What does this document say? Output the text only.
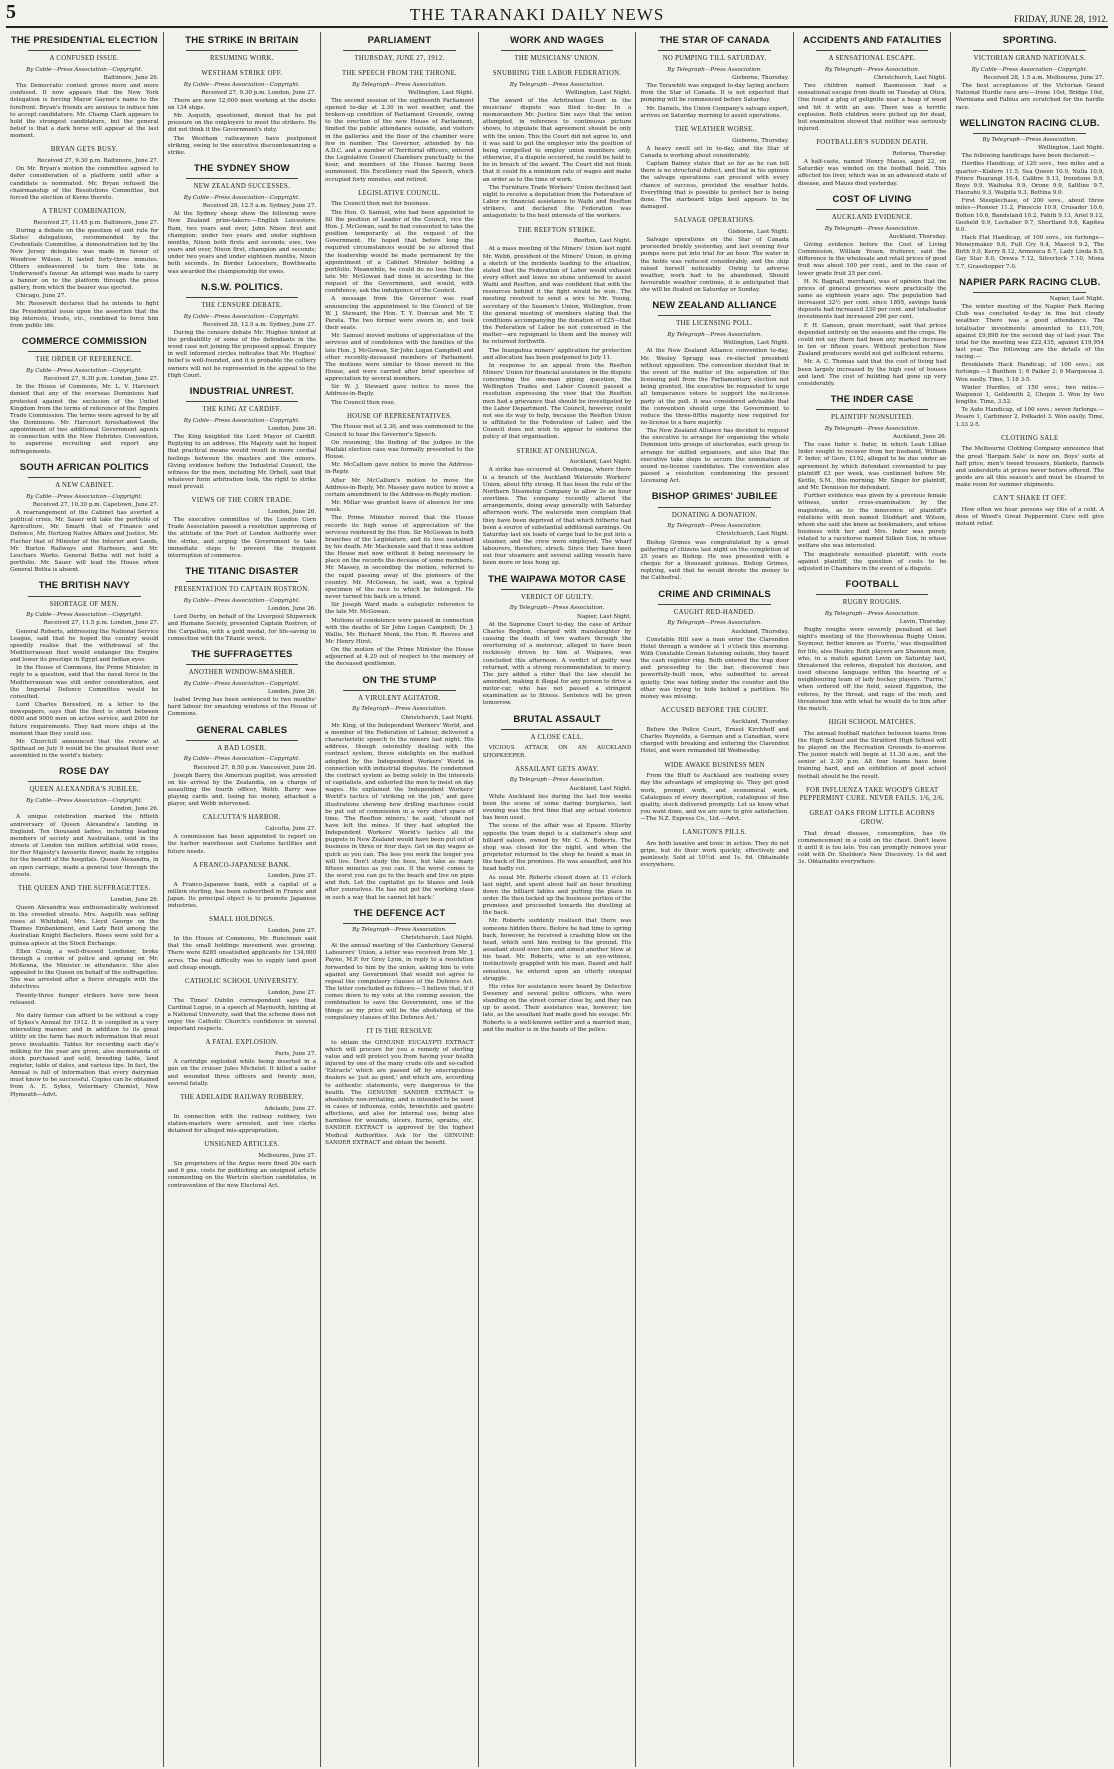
5	THE TARANAKI DAILY NEWS	FRIDAY, JUNE 28, 1912.
THE PRESIDENTIAL ELECTION
A CONFUSED ISSUE.
By Cable—Press Association—Copyright.
Baltimore, June 26.

The Democratic contest grows more and more confused. It now appears that the New York delegation is forcing Mayor Gaynor's name to the forefront. Bryan's friends are anxious to induce him to accept candidature. Mr. Champ Clark appears to hold the strongest candidature, but the general belief is that a dark horse will appear at the last moment.

BRYAN GETS BUSY.
Received 27, 9.30 p.m. Baltimore, June 27.

On Mr. Bryan's motion the committee agreed to defer consideration of a platform until after a candidate is nominated. Mr. Bryan refused the chairmanship of the Resolutions Committee, but forced the election of Kerns thereto.

A TRUST COMBINATION.
Received 27, 11.45 p.m. Baltimore, June 27.

During a debate on the question of unit rule for States' delegations, recommended by the Credentials Committee, a demonstration led by the New Jersey delegates was made in favour of Woodrow Wilson. It lasted forty-three minutes. Others endeavoured to turn the tide in Underwood's favour. An attempt was made to carry a banner on to the platform through the press gallery, from which the bearer was ejected.

Chicago, June 27.

Mr. Roosevelt declares that he intends to fight the Presidential issue upon the assertion that the big interests, trusts, etc., combined to force him from public life.

COMMERCE COMMISSION
THE ORDER OF REFERENCE.
By Cable—Press Association—Copyright.
Received 27, 9.30 p.m. London, June 27.

In the House of Commons, Mr. L. V. Harcourt denied that any of the overseas Dominions had protested against the exclusion of the United Kingdom from the terms of reference of the Empire Trade Commission. The terms were agreed to by all the Dominions. Mr. Harcourt foreshadowed the appointment of two additional Government agents in connection with the New Hebrides Convention, to supervise recruiting and report any infringements.

SOUTH AFRICAN POLITICS
A NEW CABINET.
By Cable—Press Association—Copyright.
Received 27, 10.30 p.m. Capetown, June 27.

A rearrangement of the Cabinet has averted a political crisis. Mr. Sauer will take the portfolio of Agriculture, Mr. Smartt that of Finance and Defence, Mr. Hertzog Native Affairs and Justice, Mr. Fischer that of Minister of the Interior and Lands, Mr. Burton Railways and Harbours, and Mr. Leuchars Works. General Botha will not hold a portfolio. Mr. Sauer will lead the House when General Botha is absent.

THE BRITISH NAVY
SHORTAGE OF MEN.
By Cable—Press Association—Copyright.
Received 27, 11.5 p.m. London, June 27.

General Roberts, addressing the National Service League, said that he hoped the country would speedily realise that the withdrawal of the Mediterranean fleet would endanger the Empire and lower its prestige in Egypt and Indian eyes.

In the House of Commons, the Prime Minister, in reply to a question, said that the naval force in the Mediterranean was still under consideration, and the Imperial Defence Committee would be consulted.

Lord Charles Beresford, in a letter to the newspapers, says that the fleet is short between 6000 and 9000 men on active service, and 2000 for future requirements. They had more ships at the moment than they could use.

Mr. Churchill announced that the review at Spithead on July 9 would be the greatest fleet ever assembled in the world's history.

ROSE DAY
QUEEN ALEXANDRA'S JUBILEE.
By Cable—Press Association—Copyright.
London, June 26.

A unique celebration marked the fiftieth anniversary of Queen Alexandra's landing in England. Ten thousand ladies, including leading members of society and Australians, sold in the streets of London ten million artificial wild roses, for Her Majesty's favourite flower, made by cripples for the benefit of the hospitals. Queen Alexandra, in an open carriage, made a general tour through the streets.

THE QUEEN AND THE SUFFRAGETTES.
London, June 26.

Queen Alexandra was enthusiastically welcomed in the crowded streets. Mrs. Asquith was selling roses at Whitehall, Mrs. Lloyd George on the Thames Embankment, and Lady Reid among the Australian Knight Bachelors. Roses were sold for a guinea apiece at the Stock Exchange.

Ellen Craig, a well-dressed Londoner, broke through a cordon of police and sprang on Mr. McKenna, the Minister in attendance. She also appealed to the Queen on behalf of the suffragettes. She was arrested after a fierce struggle with the detectives.

Twenty-three hunger strikers have now been released.

No dairy farmer can afford to be without a copy of Sykes's Annual for 1912. It is compiled in a very interesting manner, and in addition to its great utility on the farm has much information that must prove invaluable. Tables for recording each day's milking for the year are given, also memoranda of stock purchased and sold, breeding table, land register, table of dates, and various tips. In fact, the Annual is full of information that every dairyman must know to be successful. Copies can be obtained from A. E. Sykes, Veterinary Chemist, New Plymouth—Advt.

THE STRIKE IN BRITAIN
RESUMING WORK.
WESTHAM STRIKE OFF.
By Cable—Press Association—Copyright.
Received 27, 9.30 p.m. London, June 27.

There are now 12,000 men working at the docks on 134 ships.

Mr. Asquith, questioned, denied that he put pressure on the employers to meet the strikers. He did not think it the Government's duty.

The Westham railwaymen have postponed striking, owing to the executive discountenancing a strike.

THE SYDNEY SHOW
NEW ZEALAND SUCCESSES.
By Cable—Press Association—Copyright.
Received 28, 12.5 a.m. Sydney, June 27.

At the Sydney sheep show the following were New Zealand prize-takers:—English Leicesters: Ram, two years and over, John Nixon first and champion; under two years and under eighteen months, Nixon both firsts and seconds; ewe, two years and over, Nixon first, champion and seconds; under two years and under eighteen months, Nixon both seconds. In Border Leicesters, Bowthwaite was awarded the championship for ewes.

N.S.W. POLITICS.
THE CENSURE DEBATE.
By Cable—Press Association—Copyright.
Received 28, 12.5 a.m. Sydney, June 27.

During the censure debate Mr. Hughes hinted at the probability of some of the defendants in the wood case not joining the proposed appeal. Enquiry in well informed circles indicates that Mr. Hughes' belief is well-founded, and it is probable the colliery owners will not be represented in the appeal to the High Court.

INDUSTRIAL UNREST.
THE KING AT CARDIFF.
By Cable—Press Association—Copyright.
London, June 26.

The King knighted the Lord Mayor of Cardiff. Replying to an address, His Majesty said he hoped that practical means would result in more cordial feelings between the masters and the miners. Giving evidence before the Industrial Council, the witness for the men, including Mr. Orbell, said that whatever form arbitration took, the right to strike must prevail.

VIEWS OF THE CORN TRADE.
London, June 26.

The executive committee of the London Corn Trade Association passed a resolution approving of the attitude of the Port of London Authority over the strike, and urging the Government to take immediate steps to prevent the frequent interruption of commerce.

THE TITANIC DISASTER
PRESENTATION TO CAPTAIN ROSTRON.
By Cable—Press Association—Copyright.
London, June 26.

Lord Derby, on behalf of the Liverpool Shipwreck and Humane Society, presented Captain Rostron, of the Carpathia, with a gold medal, for life-saving in connection with the Titanic wreck.

THE SUFFRAGETTES
ANOTHER WINDOW-SMASHER.
By Cable—Press Association—Copyright.
London, June 26.

Isabel Irving has been sentenced to two months' hard labour for smashing windows of the House of Commons.

GENERAL CABLES
A BAD LOSER.
By Cable—Press Association—Copyright.
Received 27, 8.50 p.m. Vancouver, June 26.

Joseph Barry, the American pugilist, was arrested on his arrival by the Zealandia, on a charge of assaulting the fourth officer, Webb. Barry was playing cards and, losing his money, attacked a player, and Webb intervened.

CALCUTTA'S HARBOR.
Calcutta, June 27.

A commission has been appointed to report on the harbor warehouse and Customs facilities and future needs.

A FRANCO-JAPANESE BANK.
London, June 27.

A Franco-Japanese bank, with a capital of a million sterling, has been subscribed in France and Japan. Its principal object is to promote Japanese industries.

SMALL HOLDINGS.
London, June 27.

In the House of Commons, Mr. Runciman said that the small holdings movement was growing. There were 8285 unsatisfied applicants for 134,000 acres. The real difficulty was to supply land good and cheap enough.

CATHOLIC SCHOOL UNIVERSITY.
London, June 27.

The Times' Dublin correspondent says that Cardinal Logue, in a speech at Maynooth, hinting at a National University, said that the scheme does not enjoy the Catholic Church's confidence in several important respects.

A FATAL EXPLOSION.
Paris, June 27.

A cartridge exploded while being inserted in a gun on the cruiser Jules Michelet. It killed a sailor and wounded three officers and twenty men, several fatally.

THE ADELAIDE RAILWAY ROBBERY.
Adelaide, June 27.

In connection with the railway robbery, two station-masters were arrested, and two clerks detained for alleged mis-appropriation.

UNSIGNED ARTICLES.
Melbourne, June 27.

Six proprietors of the Argus were fined 20s each and 6 gns. costs for publishing an unsigned article commenting on the Wertcin election candidates, in contravention of the new Electoral Act.

PARLIAMENT
THURSDAY, JUNE 27, 1912.
THE SPEECH FROM THE THRONE.
By Telegraph—Press Association.
Wellington, Last Night.

The second session of the eighteenth Parliament opened to-day at 2.30 in wet weather, and the broken-up condition of Parliament Grounds, owing to the erection of the new House of Parliament, limited the public attendance outside, and visitors in the galleries and the floor of the chamber were few in number. The Governor, attended by his A.D.C. and a number of Territorial officers, entered the Legislative Council Chambers punctually to the hour, and members of the House having been summoned, His Excellency read the Speech, which occupied forty minutes, and retired.

LEGISLATIVE COUNCIL.

The Council then met for business.

The Hon. O. Samuel, who had been appointed to fill the position of Leader of the Council, vice the Hon. J. McGowan, said he had consented to take the position temporarily at the request of the Government. He hoped that before long the required circumstances would be so altered that the leadership would be made permanent by the appointment of a Cabinet Minister holding a portfolio. Meanwhile, he could do no less than the late Mr. McGowan had done in according to the request of the Government, and would, with confidence, ask the indulgence of the Council.

A message from the Governor was read announcing the appointment to the Council of Sir W. J. Steward, the Hon. T. Y. Duncan and Mr. T. Parata. The two former were sworn in, and took their seats.

Mr. Samuel moved motions of appreciation of the services and of condolence with the families of the late Hon. J. McGowan, Sir John Logan Campbell and other recently-deceased members of Parliament. The motions were similar to those moved in the House, and were carried after brief speeches of appreciation by several members.

Sir W. J. Steward gave notice to move the Address-in-Reply.

The Council then rose.

HOUSE OF REPRESENTATIVES.

The House met at 2.30, and was summoned to the Council to hear the Governor's Speech.

On resuming, the finding of the judges in the Waitaki election case was formally presented to the House.

Mr. McCallum gave notice to move the Address-in-Reply.

After Mr. McCallum's motion to move the Address-in-Reply, Mr. Massey gave notice to move a certain amendment to the Address-in-Reply motion.

Mr. Millar was granted leave of absence for one week.

The Prime Minister moved that the House records its high sense of appreciation of the services rendered by the Hon. Sir McGowan in both branches of the Legislature, and its loss sustained by his death. Mr. Mackenzie said that it was seldom the House met now without it being necessary to place on the records the decease of some members. Mr. Massey, in seconding the motion, referred to the rapid passing away of the pioneers of the country. Mr. McGowan, he said, was a typical specimen of the race to which he belonged. He never turned his back on a friend.

Sir Joseph Ward made a eulogistic reference to the late Mr. McGowan.

Motions of condolence were passed in connection with the deaths of Sir John Logan Campbell, Dr. J. Wallis, Mr. Richard Monk, the Hon. R. Reeves and Mr. Henry Hirst.

On the motion of the Prime Minister the House adjourned at 4.20 out of respect to the memory of the deceased gentlemen.

ON THE STUMP
A VIRULENT AGITATOR.
By Telegraph—Press Association.
Christchurch, Last Night.

Mr. King, of the Independent Workers' World, and a member of the Federation of Labour, delivered a characteristic speech to the miners last night. His address, though ostensibly dealing with the contract system, threw sidelights on the method adopted by the Independent Workers' World in connection with industrial disputes. He condemned the contract system as being solely in the interests of capitalists, and exhorted the men to insist on day wages. He explained the Independent Workers' World's tactics of 'striking on the job,' and gave illustrations showing how drilling machines could be put out of commission in a very short space of time. 'The Reefton miners,' he said, 'should not have left the mines. If they had adopted the Independent Workers' World's tactics all the puppets in New Zealand would have been put out of business in three or four days. Get on day wages as quick as you can. The less you work the longer you will live. Don't study the boss, but take as many fifteen minutes as you can. If the worst comes to the worst you can go to the beach and live on pipis and fish. Let the capitalist go to blazes and look after yourselves. He has not got the working class in such a way that he cannot hit back.'

THE DEFENCE ACT
By Telegraph—Press Association.
Christchurch, Last Night.

At the annual meeting of the Canterbury General Labourers' Union, a letter was received from Mr. J. Payne, M.P. for Grey Lynn, in reply to a resolution forwarded to him by the union, asking him to vote against any Government that would not agree to repeal the compulsory clauses of the Defence Act. The letter concluded as follows:—'I believe that, if it comes down to my vote at the coming session, the combination to save the Government, one of the things as my price will be the abolishing of the compulsory clauses of the Defence Act.'

IT IS THE RESOLVE

to obtain the GENUINE EUCALYPTI EXTRACT which will procure for you a remedy of sterling value and will protect you from having your health injured by one of the many crude oils and so-called 'Extracts' which are passed off by unscrupulous dealers as 'just as good,' and which are, according to authentic statements, very dangerous to the health. The GENUINE SANDER EXTRACT is absolutely non-irritating, and is intended to be used in cases of influenza, colds, bronchitis and gastric affections, and also for internal use, being also harmless for wounds, ulcers, burns, sprains, etc. SANDER EXTRACT is approved by the highest Medical Authorities. Ask for the GENUINE SANDER EXTRACT and obtain the benefit.

WORK AND WAGES
THE MUSICIANS' UNION.
SNUBBING THE LABOR FEDERATION.
By Telegraph—Press Association.
Wellington, Last Night.

The award of the Arbitration Court in the musicians' dispute was filed to-day. In a memorandum Mr. Justice Sim says that the union attempted, in reference to continuous picture shows, to stipulate that agreement should be only with the union. This the Court did not agree to, and it was said to put the employer into the position of being compelled to employ union members only, otherwise, if a dispute occurred, he could be held to be in breach of the award. The Court did not think that it could fix a minimum rate of wages and make an order as to the time of work.

The Furniture Trade Workers' Union declined last night to receive a deputation from the Federation of Labor re financial assistance to Waihi and Reefton strikers, and declared the Federation was antagonistic to the best interests of the workers.

THE REEFTON STRIKE.
Reefton, Last Night.

At a mass meeting of the Miners' Union last night Mr. Webb, president of the Miners' Union, in giving a sketch of the incidents leading to the situation, stated that the Federation of Labor would exhaust every effort and leave no stone unturned to assist Waihi and Reefton, and was confident that with the resources behind it the fight would be won. The meeting resolved to send a wire to Mr. Young, secretary of the Seamen's Union, Wellington, from the general meeting of members stating that the conditions accompanying the donation of £25—that the Federation of Labor be not concerned in the matter—are repugnant to them and the money will be returned forthwith.

The Inangahua miners' application for protection and allocation has been postponed to July 11.

In response to an appeal from the Reefton Miners' Union for financial assistance in the dispute concerning the one-man piping question, the Wellington Trades and Labor Council passed a resolution expressing the view that the Reefton men had a grievance that should be investigated by the Labor Department. The Council, however, could not see its way to help, because the Reefton Union is affiliated to the Federation of Labor, and the Council does not wish to appear to endorse the policy of that organisation.

STRIKE AT ONEHUNGA.
Auckland, Last Night.

A strike has occurred at Onehunga, where there is a branch of the Auckland Waterside Workers' Union, about fifty strong. It has been the rule of the Northern Steamship Company to allow 2s an hour overtime. The company recently altered the arrangements, doing away generally with Saturday afternoon work. The waterside men complain that they have been deprived of that which hitherto had been a source of substantial additional earnings. On Saturday last six loads of cargo had to be put into a steamer, and the crew were employed. The wharf labourers, therefore, struck. Since they have been out four steamers and several sailing vessels have been more or less hung up.

THE WAIPAWA MOTOR CASE
VERDICT OF GUILTY.
By Telegraph—Press Association.
Napier, Last Night.

At the Supreme Court to-day, the case of Arthur Charles Bogdon, charged with manslaughter by causing the death of two waiters through the overturning of a motorcar, alleged to have been recklessly driven by him at Waipawa, was concluded this afternoon. A verdict of guilty was returned, with a strong recommendation to mercy. The jury added a rider that the law should be amended, making it illegal for any person to drive a motor-car, who has not passed a stringent examination as to fitness. Sentence will be given tomorrow.

BRUTAL ASSAULT
A CLOSE CALL.

VICIOUS ATTACK ON AN AUCKLAND SHOPKEEPER.

ASSAILANT GETS AWAY.
By Telegraph—Press Association.
Auckland, Last Night.

While Auckland lies during the last few weeks been the scene of some daring burglaries, last evening was the first time that any actual violence has been used.

The scene of the affair was at Epsom. Ellerby opposite the tram depot is a stationer's shop and billiard saloon, owned by Mr. C. A. Roberts. The shop was closed for the night, and when the proprietor returned to the shop he found a man in the back of the premises. He was assaulted, and his head badly cut.

As usual Mr. Roberts closed down at 11 o'clock last night, and spent about half an hour brushing down the billiard tables and putting the place in order. He then locked up the business portion of the premises and proceeded towards the dwelling at the back.

Mr. Roberts suddenly realised that there was someone hidden there. Before he had time to spring back, however, he received a crashing blow on the head, which sent him reeling to the ground. His assailant stood over him and aimed another blow at his head. Mr. Roberts, who is an eye-witness, instinctively grappled with his man. Dazed and half senseless, he entered upon an utterly unequal struggle.

His cries for assistance were heard by Detective Sweeney and several police officers, who were standing on the street corner close by, and they ran up to assist. Their assistance was, however, too late, as the assailant had made good his escape. Mr. Roberts is a well-known settler and a married man, and the matter is in the hands of the police.

THE STAR OF CANADA
NO PUMPING TILL SATURDAY.
By Telegraph—Press Association.
Gisborne, Thursday.

The Terawhiti was engaged to-day laying anchors from the Star of Canada. It is not expected that pumping will be commenced before Saturday.

Mr. Daniels, the Union Company's salvage expert, arrives on Saturday morning to assist operations.

THE WEATHER WORSE.
Gisborne, Thursday.

A heavy swell set in to-day, and the Star of Canada is working about considerably.

Captain Bainey states that so far as he can tell there is no structural defect, and that in his opinion the salvage operations can proceed with every chance of success, provided the weather holds. Everything that is possible to protect her is being done. The starboard bilge keel appears to be damaged.

SALVAGE OPERATIONS.
Gisborne, Last Night.

Salvage operations on the Star of Canada proceeded briskly yesterday, and last evening four pumps were put into trial for an hour. The water in the holds was reduced considerably, and the ship raised herself noticeably. Owing to adverse weather, work had to be abandoned. Should favourable weather continue, it is anticipated that she will be floated on Saturday or Sunday.

NEW ZEALAND ALLIANCE
THE LICENSING POLL.
By Telegraph—Press Association.
Wellington, Last Night.

At the New Zealand Alliance convention to-day, Mr. Wesley Spragg was re-elected president without opposition. The convention decided that in the event of the matter of the separation of the licensing poll from the Parliamentary election not being granted, the executive be requested to urge all temperance voters to support the no-license party at the poll. It was considered advisable that the convention should urge the Government to reduce the three-fifths majority now required for no-license to a bare majority.

The New Zealand Alliance has decided to request the executive to arrange for organising the whole Dominion into groups of electorates, each group to arrange for skilled organisers, and also that the executive take steps to secure the nomination of sound no-license candidates. The convention also passed a resolution condemning the present Licensing Act.

BISHOP GRIMES' JUBILEE
DONATING A DONATION.
By Telegraph—Press Association.
Christchurch, Last Night.

Bishop Grimes was congratulated by a great gathering of citizens last night on the completion of 25 years as Bishop. He was presented with a cheque for a thousand guineas. Bishop Grimes, replying, said that he would devote the money to the Cathedral.

CRIME AND CRIMINALS
CAUGHT RED-HANDED.
By Telegraph—Press Association.
Auckland, Thursday.

Constable Hill saw a man enter the Clarendon Hotel through a window at 1 o'clock this morning. With Constable Cowan listening outside, they heard the cash register ring. Both entered the trap door and proceeding to the bar, discovered two powerfully-built men, who submitted to arrest quietly. One was hiding under the counter and the other was trying to hide behind a partition. No money was missing.

ACCUSED BEFORE THE COURT.
Auckland, Thursday.

Before the Police Court, Ernest Kirchhoff and Charles Reynolds, a German and a Canadian, were charged with breaking and entering the Clarendon Hotel, and were remanded till Wednesday.

WIDE AWAKE BUSINESS MEN

From the Bluff to Auckland are realising every day the advantage of employing us. They get good work, prompt work, and economical work. Catalogues of every description, catalogues of fine quality, stock delivered promptly. Let us know what you want done, and we are sure to give satisfaction. —The N.Z. Express Co., Ltd.—Advt.

LANGTON'S PILLS.

Are both laxative and tonic in action. They do not gripe, but do their work quickly, effectively and painlessly. Sold at 10½d. and 1s. 6d. Obtainable everywhere.

ACCIDENTS AND FATALITIES
A SENSATIONAL ESCAPE.
By Telegraph—Press Association.
Christchurch, Last Night.

Two children named Rasmussen had a sensational escape from death on Tuesday at Otira. One found a plug of gelignite near a heap of wood and hit it with an axe. There was a terrific explosion. Both children were picked up for dead, but examination showed that neither was seriously injured.

FOOTBALLER'S SUDDEN DEATH.
Rotorua, Thursday.

A half-caste, named Henry Mauss, aged 22, on Saturday was winded on the football field. This affected his liver, which was in an advanced state of disease, and Mauss died yesterday.

COST OF LIVING
AUCKLAND EVIDENCE.
By Telegraph—Press Association.
Auckland, Thursday.

Giving evidence before the Cost of Living Commission, William Youen, fruiterer, said the difference in the wholesale and retail prices of good fruit was about 100 per cent., and in the case of lower grade fruit 25 per cent.

H. N. Bagnall, merchant, was of opinion that the prices of general groceries were practically the same as eighteen years ago. The population had increased 32½ per cent. since 1895, savings bank deposits had increased 230 per cent. and totalisator investments had increased 296 per cent.

F. H. Ganson, grain merchant, said that prices depended entirely on the seasons and the crops. He could not say there had been any marked increase in ten or fifteen years. Without protection New Zealand producers would not get sufficient returns.

Mr. A. C. Thomas said that the cost of living had been largely increased by the high cost of houses and land. The cost of building had gone up very considerably.

THE INDER CASE
PLAINTIFF NONSUITED.
By Telegraph—Press Association.
Auckland, June 26.

The case Inder v. Inder, in which Leah Lillian Inder sought to recover from her husband, William F. Inder, of Gore, £192, alleged to be due under an agreement by which defendant covenanted to pay plaintiff £3 per week, was continued before Mr. Kettle, S.M., this morning. Mr. Singer for plaintiff, and Mr. Dennison for defendant.

Further evidence was given by a previous female witness, under cross-examination by the magistrate, as to the innocence of plaintiff's relations with men named Stoddart and Wilson, whom she said she knew as bookmakers, and whose business with her and Mrs. Inder was purely related to a racehorse named Silken Sun, in whose welfare she was interested.

The magistrate nonsuited plaintiff, with costs against plaintiff, the question of costs to be adjusted in Chambers in the event of a dispute.

FOOTBALL
RUGBY ROUGHS.
By Telegraph—Press Association.
Levin, Thursday.

Rugby roughs were severely penalised at last night's meeting of the Horowhenua Rugby Union. Seymour, better known as 'Furrie,' was disqualified for life, also Healey. Both players are Shannon men, who, in a match against Levin on Saturday last, threatened the referee, disputed his decision, and used obscene language within the hearing of a neighbouring team of lady hockey players. 'Furrie,' when ordered off the field, seized Egginton, the referee, by the throat, and rage of the mob, and threatened him with what he would do to him after the match.

HIGH SCHOOL MATCHES.

The annual football matches between teams from the High School and the Stratford High School will be played on the Recreation Grounds to-morrow. The junior match will begin at 11.30 a.m., and the senior at 2.30 p.m. All four teams have been training hard, and an exhibition of good school football should be the result.

FOR INFLUENZA TAKE WOOD'S GREAT PEPPERMINT CURE. NEVER FAILS. 1/6, 2/6.
GREAT OAKS FROM LITTLE ACORNS GROW.

That dread disease, consumption, has its commencement in a cold on the chest. Don't leave it until it is too late. You can promptly remove your cold with Dr. Sheldon's New Discovery. 1s 6d and 3s. Obtainable everywhere.

SPORTING.
VICTORIAN GRAND NATIONALS.
By Cable—Press Association—Copyright.
Received 28, 1.5 a.m. Melbourne, June 27.

The best acceptances of the Victorian Grand National Hurdle race are:—Irene 10st, Bridge 10st, Warmiana and Fabius are scratched for the hurdle race.

WELLINGTON RACING CLUB.
By Telegraph—Press Association.
Wellington, Last Night.

The following handicaps have been declared:—

Hurdles Handicap, of 120 sovs., two miles and a quarter—Kiatere 11.5, Sea Queen 10.9, Nulla 10.9, Prince Ruarangi 10.4, Calibre 9.13, Ironstone 9.9, Boyo 9.9, Waihuka 9.9, Orone 9.9, Saltline 9.7, Haurahu 9.3, Walpita 9.3, Bettina 9.0.

First Steeplechase, of 200 sovs., about three miles—Pioneer 11.2, Pinoccio 10.9, Crusader 10.6, Bolton 10.6, Bandstand 10.2, Fahiti 9.13, Ariel 9.12, Gosheld 9.9, Lochaber 9.7, Shortland 9.6, Kapitea 9.0.

Hack Flat Handicap, of 100 sovs., six furlongs—Moneymaker 9.6, Full Cry 9.4, Mascot 9.2, The Birth 9.0, Kerry 8.12, Armonica 8.7, Lady Linda 8.5, Gay Star 8.0, Orewa 7.12, Silverlock 7.10, Mona 7.7, Grasshopper 7.0.

NAPIER PARK RACING CLUB.
Napier, Last Night.

The winter meeting of the Napier Park Racing Club was concluded to-day in fine but cloudy weather. There was a good attendance. The totalisator investments amounted to £11,709, against £9,898 for the second day of last year. The total for the meeting was £22,435, against £19,954 last year. The following are the details of the racing:—

Brooklands Hack Handicap, of 100 sovs.; six furlongs.—3 Bunthon 1; 6 Paiker 2; 9 Marquessa 3. Won easily. Time, 1.18 3-5.

Winter Hurdles, of 150 sovs.; two miles.—Waipunui 1, Goldsmith 2, Chopin 3. Won by two lengths. Time, 3.52.

Te Aute Handicap, of 100 sovs.; seven furlongs.—Pesaro 1, Carbineer 2, Polkadot 3. Won easily. Time, 1.33 2-5.

CLOTHING SALE

The Melbourne Clothing Company announce that the great 'Bargain Sale' is now on. Boys' suits at half price, men's tweed trousers, blankets, flannels and undershirts at prices never before offered. The goods are all this season's and must be cleared to make room for summer shipments.

CAN'T SHAKE IT OFF.

How often we hear persons say this of a cold. A dose of Wood's Great Peppermint Cure will give instant relief.
